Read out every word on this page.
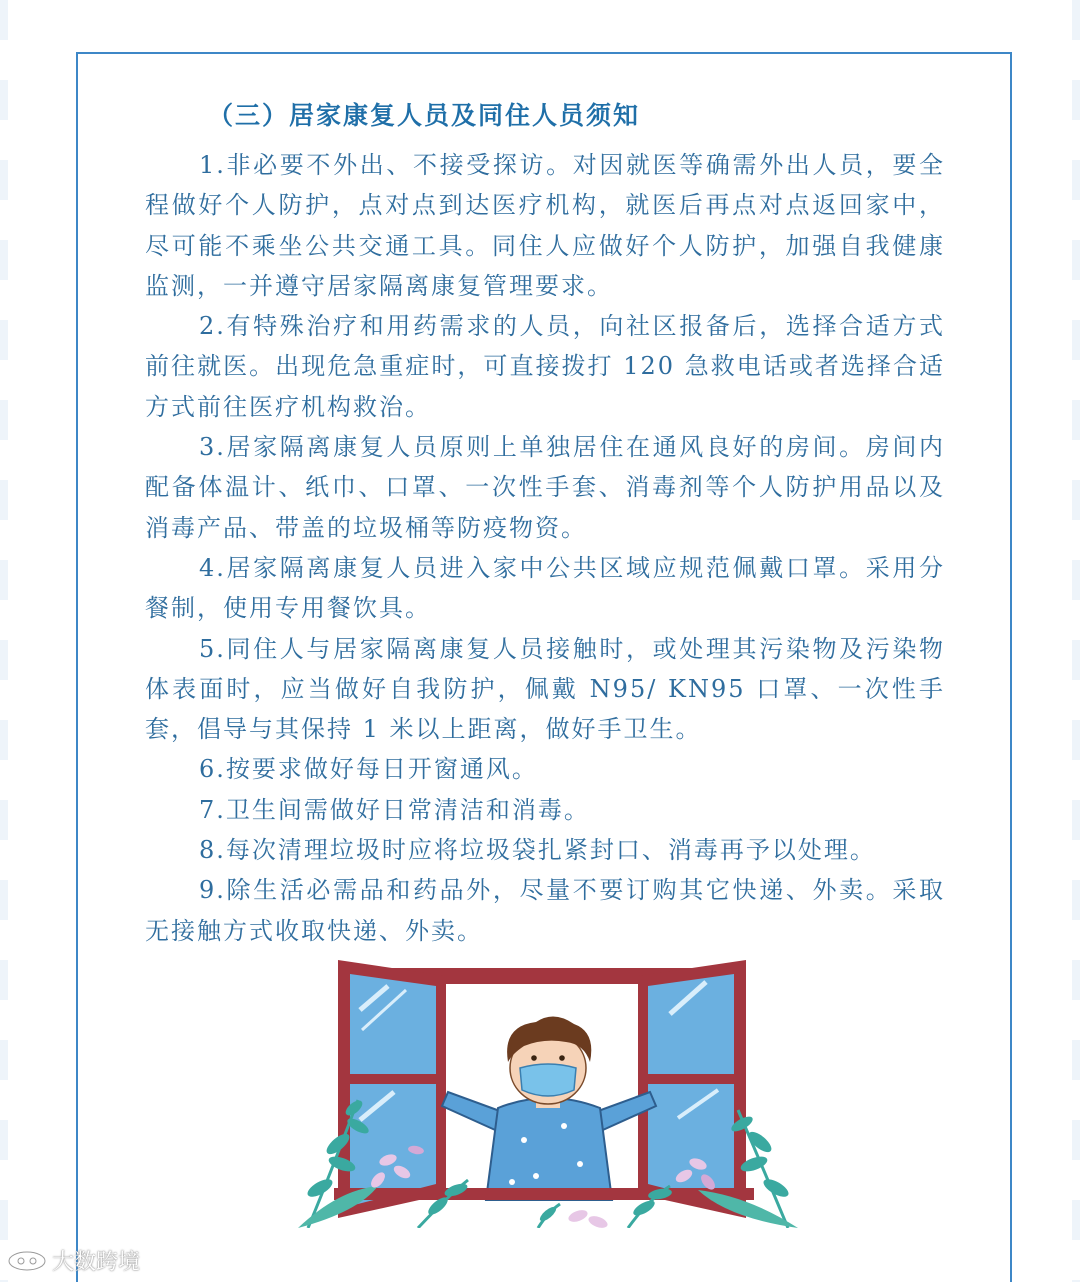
（三）居家康复人员及同住人员须知

1.非必要不外出、不接受探访。对因就医等确需外出人员，要全程做好个人防护，点对点到达医疗机构，就医后再点对点返回家中，尽可能不乘坐公共交通工具。同住人应做好个人防护，加强自我健康监测，一并遵守居家隔离康复管理要求。

2.有特殊治疗和用药需求的人员，向社区报备后，选择合适方式前往就医。出现危急重症时，可直接拨打 120 急救电话或者选择合适方式前往医疗机构救治。

3.居家隔离康复人员原则上单独居住在通风良好的房间。房间内配备体温计、纸巾、口罩、一次性手套、消毒剂等个人防护用品以及消毒产品、带盖的垃圾桶等防疫物资。

4.居家隔离康复人员进入家中公共区域应规范佩戴口罩。采用分餐制，使用专用餐饮具。

5.同住人与居家隔离康复人员接触时，或处理其污染物及污染物体表面时，应当做好自我防护，佩戴 N95/ KN95 口罩、一次性手套，倡导与其保持 1 米以上距离，做好手卫生。

6.按要求做好每日开窗通风。

7.卫生间需做好日常清洁和消毒。

8.每次清理垃圾时应将垃圾袋扎紧封口、消毒再予以处理。

9.除生活必需品和药品外，尽量不要订购其它快递、外卖。采取无接触方式收取快递、外卖。

大数跨境
